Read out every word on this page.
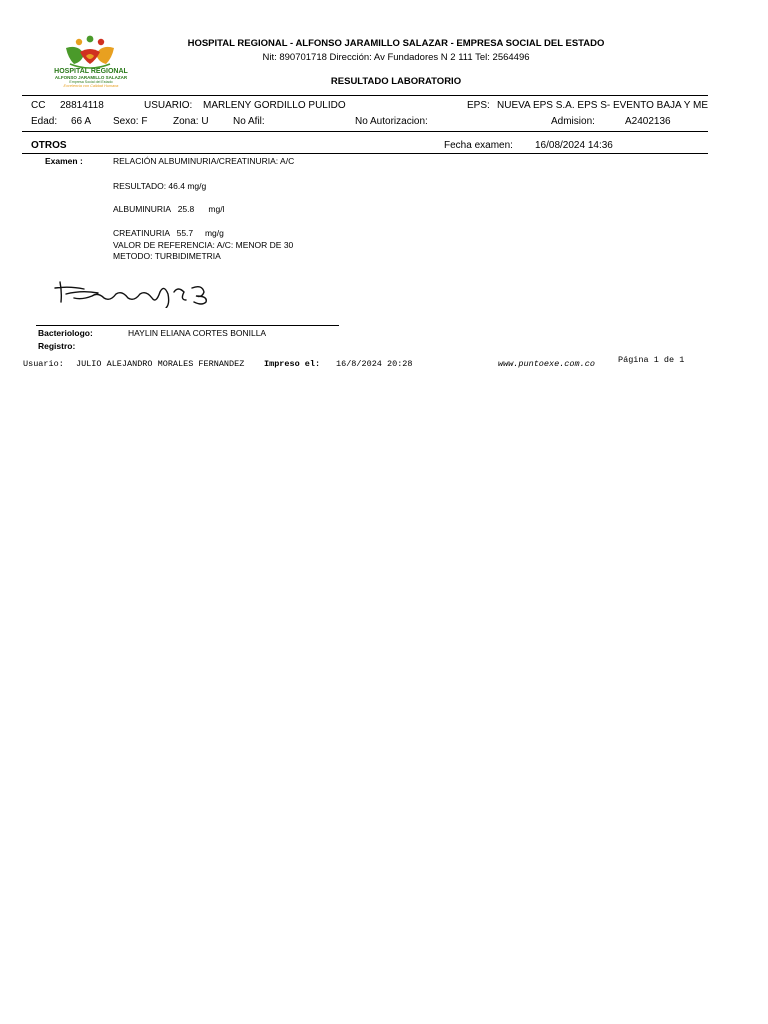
HOSPITAL REGIONAL
ALFONSO JARAMILLO SALAZAR
Empresa Social del Estado
Excelencia con Calidad Humana
HOSPITAL REGIONAL - ALFONSO JARAMILLO SALAZAR - EMPRESA SOCIAL DEL ESTADO
Nit: 890701718 Dirección: Av Fundadores N 2 111 Tel: 2564496
RESULTADO LABORATORIO
CC 28814118	USUARIO: MARLENY GORDILLO PULIDO	EPS: NUEVA EPS S.A. EPS S- EVENTO BAJA Y ME
Edad: 66 A Sexo: F	Zona: U No Afil:	No Autorizacion:	Admision:	A2402136
OTROS	Fecha examen: 16/08/2024 14:36
Examen :	RELACIÓN ALBUMINURIA/CREATINURIA: A/C
RESULTADO: 46.4 mg/g
ALBUMINURIA   25.8      mg/l
CREATINURIA   55.7     mg/g
VALOR DE REFERENCIA: A/C: MENOR DE 30
METODO: TURBIDIMETRIA
Bacteriologo:	HAYLIN ELIANA CORTES BONILLA
Registro:
Usuario: JULIO ALEJANDRO MORALES FERNANDEZ Impreso el: 16/8/2024 20:28	www.puntoexe.com.co	Página 1 de 1
